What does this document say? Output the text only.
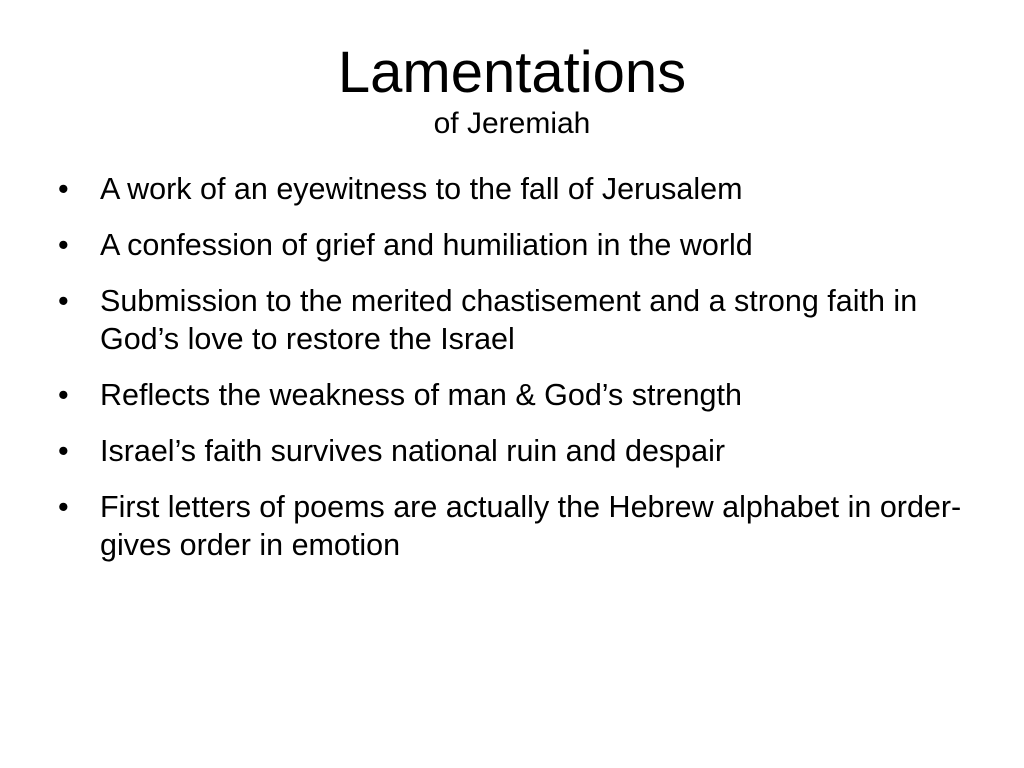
Lamentations
of Jeremiah
•	A work of an eyewitness to the fall of Jerusalem
•	A confession of grief and humiliation in the world
•	Submission to the merited chastisement and a strong faith in God’s love to restore the Israel
•	Reflects the weakness of man & God’s strength
•	Israel’s faith survives national ruin and despair
•	First letters of poems are actually the Hebrew alphabet in order-gives order in emotion
